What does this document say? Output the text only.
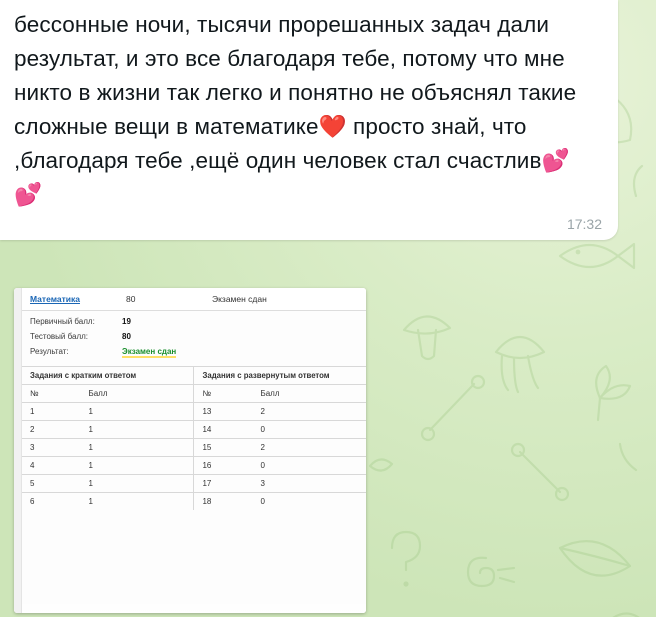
бессонные ночи, тысячи прорешанных задач дали результат, и это все благодаря тебе, потому что мне никто в жизни так легко и понятно не объяснял такие сложные вещи в математике❤️ просто знай, что ,благодаря тебе ,ещё один человек стал счастлив💕 💕
17:32
Математика	80	Экзамен сдан
Первичный балл:	19
Тестовый балл:	80
Результат:	Экзамен сдан
Задания с кратким ответом		Задания с развернутым ответом	
№	Балл	№	Балл
1	1	13	2
2	1	14	0
3	1	15	2
4	1	16	0
5	1	17	3
6	1	18	0
